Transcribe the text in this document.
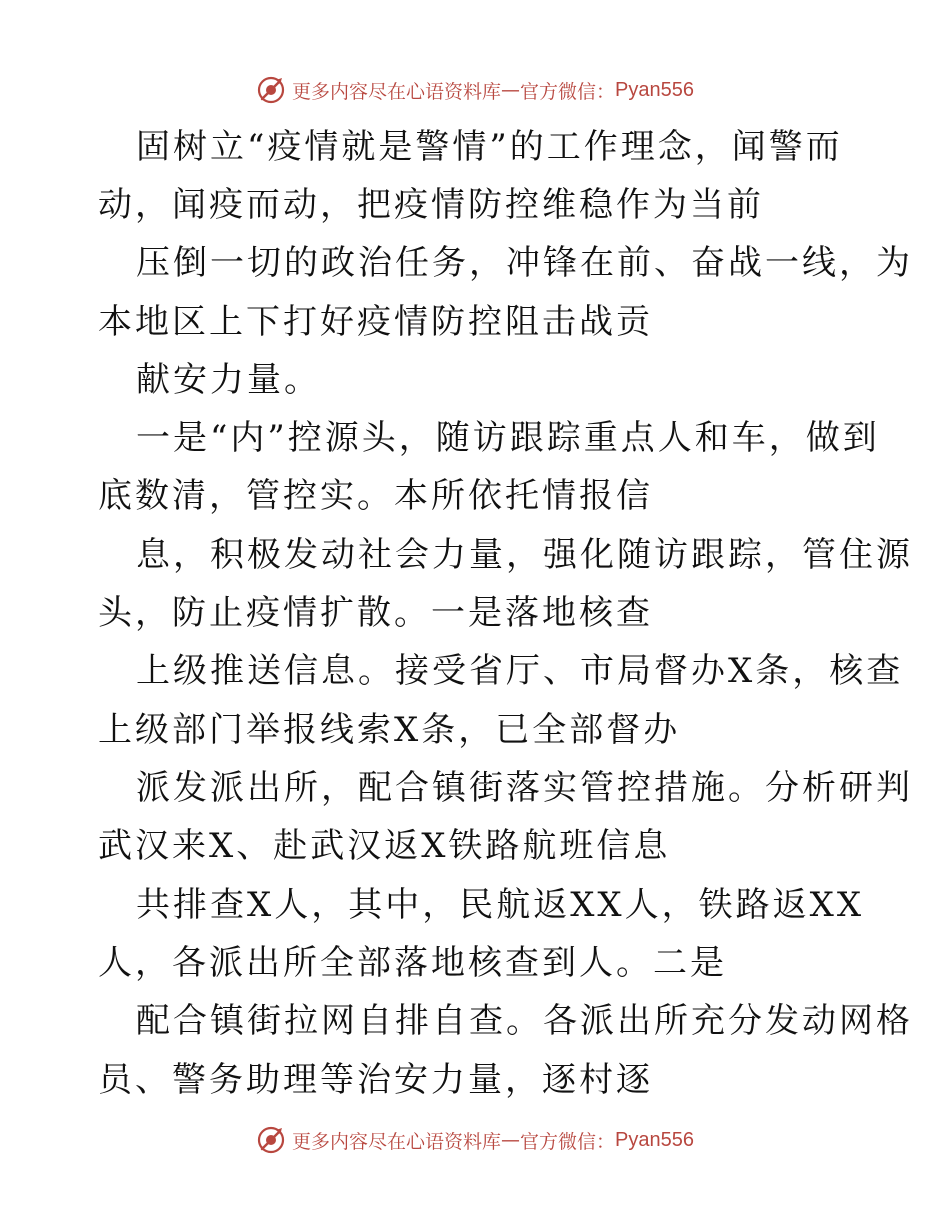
更多内容尽在心语资料库 — 官方微信： Pyan556
固树立“疫情就是警情”的工作理念，闻警而
动，闻疫而动，把疫情防控维稳作为当前
压倒一切的政治任务，冲锋在前、奋战一线，为
本地区上下打好疫情防控阻击战贡
献安力量。
一是“内”控源头，随访跟踪重点人和车，做到
底数清，管控实。本所依托情报信
息，积极发动社会力量，强化随访跟踪，管住源
头，防止疫情扩散。一是落地核查
上级推送信息。接受省厅、市局督办X条，核查
上级部门举报线索X条，已全部督办
派发派出所，配合镇街落实管控措施。分析研判
武汉来X、赴武汉返X铁路航班信息
共排查X人，其中，民航返XX人，铁路返XX
人，各派出所全部落地核查到人。二是
配合镇街拉网自排自查。各派出所充分发动网格
员、警务助理等治安力量，逐村逐
更多内容尽在心语资料库 — 官方微信： Pyan556
